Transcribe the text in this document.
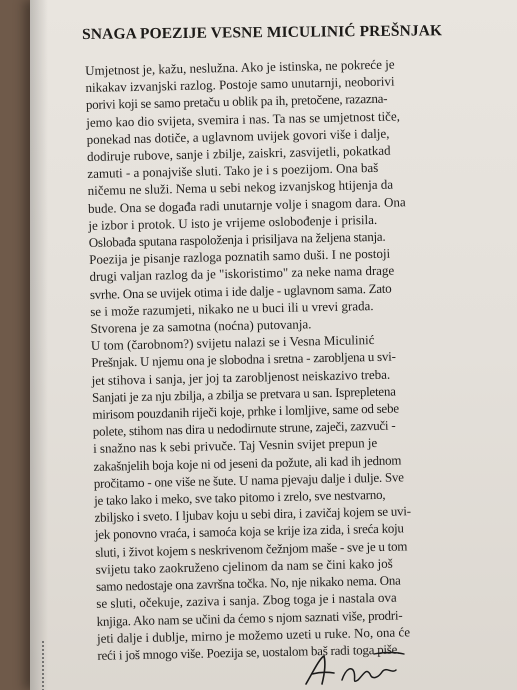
SNAGA POEZIJE VESNE MICULINIĆ PREŠNJAK
Umjetnost je, kažu, neslužna. Ako je istinska, ne pokreće je
nikakav izvanjski razlog. Postoje samo unutarnji, neoborivi
porivi koji se samo pretaču u oblik pa ih, pretočene, razazna-
jemo kao dio svijeta, svemira i nas. Ta nas se umjetnost tiče,
ponekad nas dotiče, a uglavnom uvijek govori više i dalje,
dodiruje rubove, sanje i zbilje, zaiskri, zasvijetli, pokatkad
zamuti - a ponajviše sluti. Tako je i s poezijom. Ona baš
ničemu ne služi. Nema u sebi nekog izvanjskog htijenja da
bude. Ona se događa radi unutarnje volje i snagom dara. Ona
je izbor i protok. U isto je vrijeme oslobođenje i prisila.
Oslobađa sputana raspoloženja i prisiljava na željena stanja.
Poezija je pisanje razloga poznatih samo duši. I ne postoji
drugi valjan razlog da je "iskoristimo" za neke nama drage
svrhe. Ona se uvijek otima i ide dalje - uglavnom sama. Zato
se i može razumjeti, nikako ne u buci ili u vrevi grada.
Stvorena je za samotna (noćna) putovanja.
U tom (čarobnom?) svijetu nalazi se i Vesna Miculinić
Prešnjak. U njemu ona je slobodna i sretna - zarobljena u svi-
jet stihova i sanja, jer joj ta zarobljenost neiskazivo treba.
Sanjati je za nju zbilja, a zbilja se pretvara u san. Isprepletena
mirisom pouzdanih riječi koje, prhke i lomljive, same od sebe
polete, stihom nas dira u nedodirnute strune, zaječi, zazvuči -
i snažno nas k sebi privuče. Taj Vesnin svijet prepun je
zakašnjelih boja koje ni od jeseni da požute, ali kad ih jednom
pročitamo - one više ne šute. U nama pjevaju dalje i dulje. Sve
je tako lako i meko, sve tako pitomo i zrelo, sve nestvarno,
zbiljsko i sveto. I ljubav koju u sebi dira, i zavičaj kojem se uvi-
jek ponovno vraća, i samoća koja se krije iza zida, i sreća koju
sluti, i život kojem s neskrivenom čežnjom maše - sve je u tom
svijetu tako zaokruženo cjelinom da nam se čini kako još
samo nedostaje ona završna točka. No, nje nikako nema. Ona
se sluti, očekuje, zaziva i sanja. Zbog toga je i nastala ova
knjiga. Ako nam se učini da ćemo s njom saznati više, prodri-
jeti dalje i dublje, mirno je možemo uzeti u ruke. No, ona će
reći i još mnogo više. Poezija se, uostalom baš radi toga piše.
